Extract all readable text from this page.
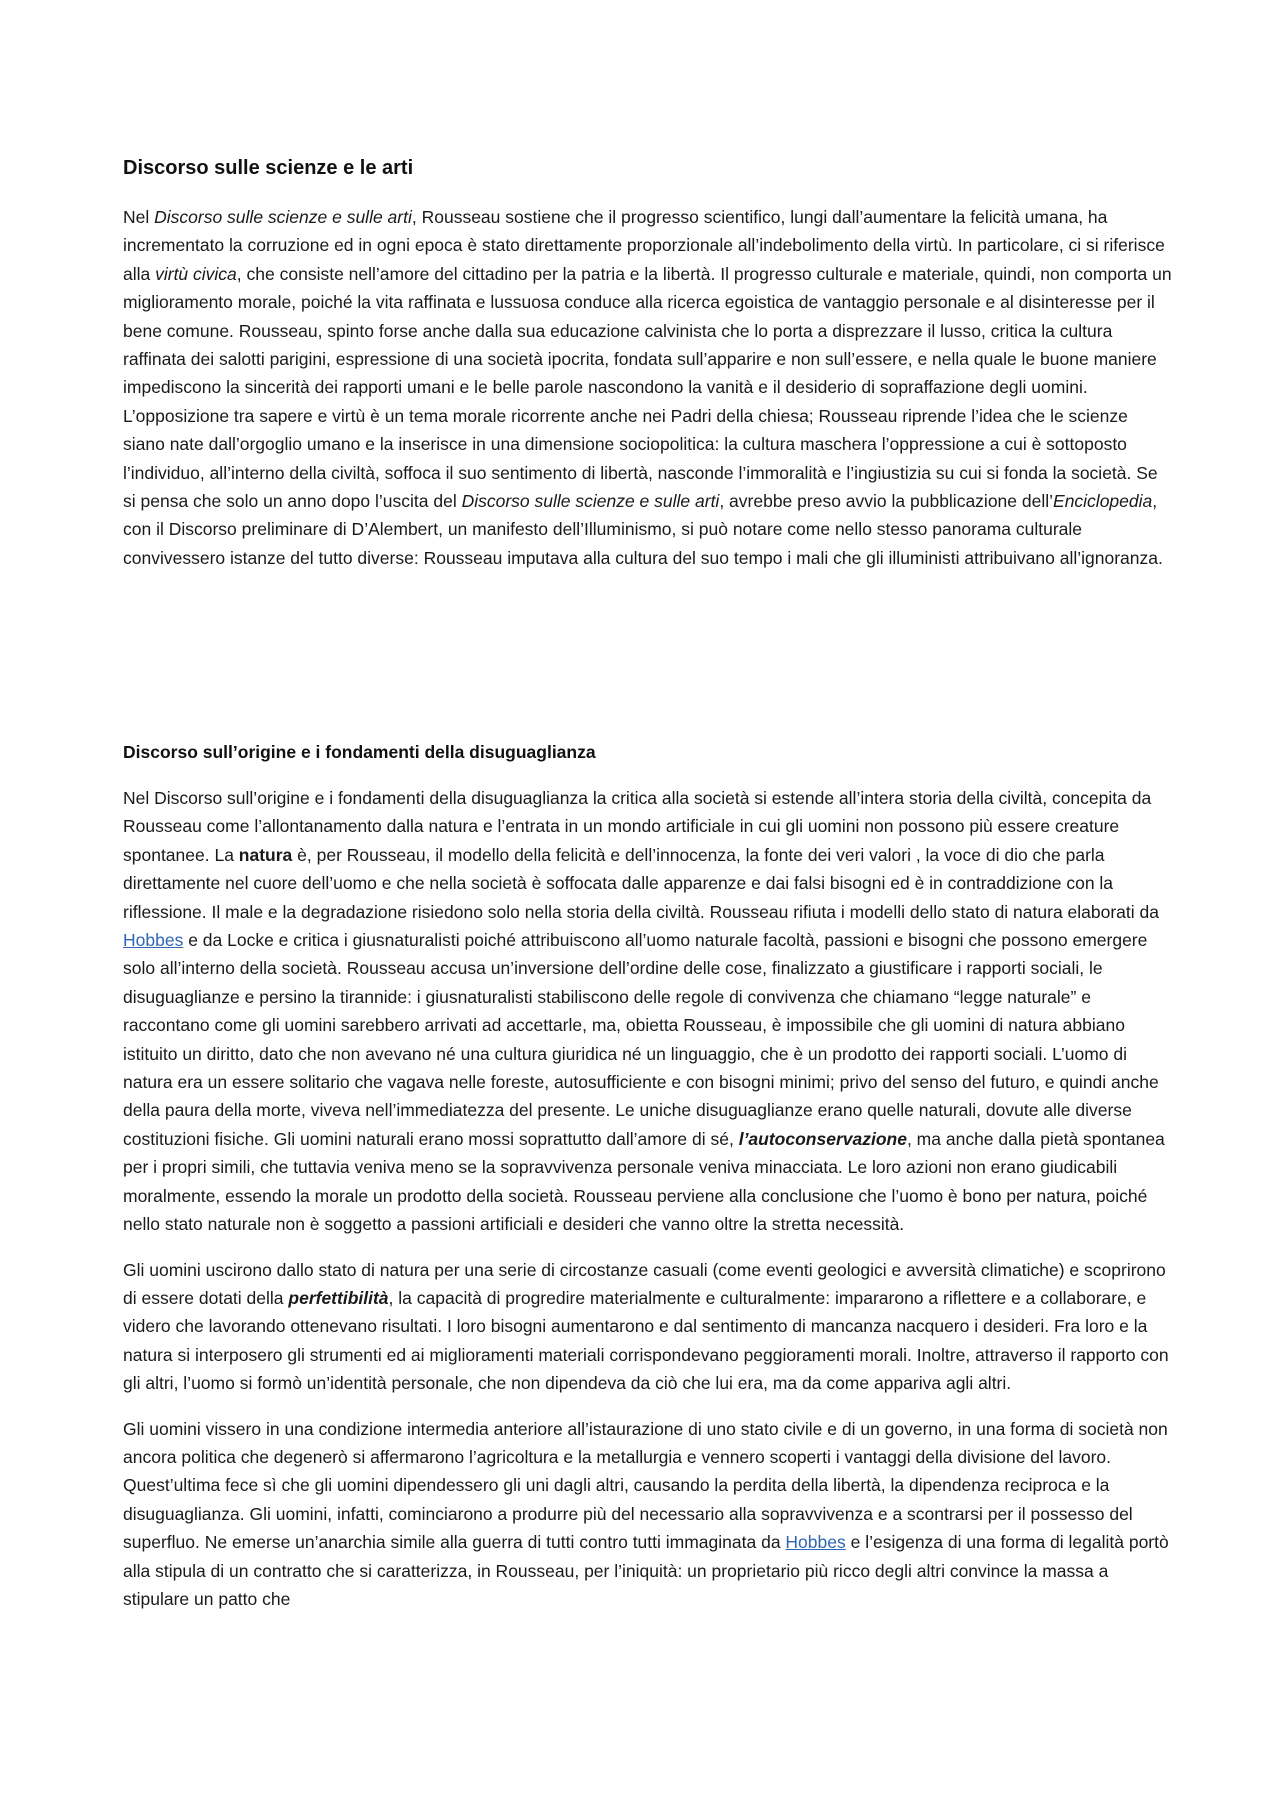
Discorso sulle scienze e le arti

Nel Discorso sulle scienze e sulle arti, Rousseau sostiene che il progresso scientifico, lungi dall’aumentare la felicità umana, ha incrementato la corruzione ed in ogni epoca è stato direttamente proporzionale all’indebolimento della virtù. In particolare, ci si riferisce alla virtù civica, che consiste nell’amore del cittadino per la patria e la libertà. Il progresso culturale e materiale, quindi, non comporta un miglioramento morale, poiché la vita raffinata e lussuosa conduce alla ricerca egoistica de vantaggio personale e al disinteresse per il bene comune. Rousseau, spinto forse anche dalla sua educazione calvinista che lo porta a disprezzare il lusso, critica la cultura raffinata dei salotti parigini, espressione di una società ipocrita, fondata sull’apparire e non sull’essere, e nella quale le buone maniere impediscono la sincerità dei rapporti umani e le belle parole nascondono la vanità e il desiderio di sopraffazione degli uomini. L’opposizione tra sapere e virtù è un tema morale ricorrente anche nei Padri della chiesa; Rousseau riprende l’idea che le scienze siano nate dall’orgoglio umano e la inserisce in una dimensione sociopolitica: la cultura maschera l’oppressione a cui è sottoposto l’individuo, all’interno della civiltà, soffoca il suo sentimento di libertà, nasconde l’immoralità e l’ingiustizia su cui si fonda la società. Se si pensa che solo un anno dopo l’uscita del Discorso sulle scienze e sulle arti, avrebbe preso avvio la pubblicazione dell’Enciclopedia, con il Discorso preliminare di D’Alembert, un manifesto dell’Illuminismo, si può notare come nello stesso panorama culturale convivessero istanze del tutto diverse: Rousseau imputava alla cultura del suo tempo i mali che gli illuministi attribuivano all’ignoranza.

Discorso sull’origine e i fondamenti della disuguaglianza

Nel Discorso sull’origine e i fondamenti della disuguaglianza la critica alla società si estende all’intera storia della civiltà, concepita da Rousseau come l’allontanamento dalla natura e l’entrata in un mondo artificiale in cui gli uomini non possono più essere creature spontanee. La natura è, per Rousseau, il modello della felicità e dell’innocenza, la fonte dei veri valori , la voce di dio che parla direttamente nel cuore dell’uomo e che nella società è soffocata dalle apparenze e dai falsi bisogni ed è in contraddizione con la riflessione. Il male e la degradazione risiedono solo nella storia della civiltà. Rousseau rifiuta i modelli dello stato di natura elaborati da Hobbes e da Locke e critica i giusnaturalisti poiché attribuiscono all’uomo naturale facoltà, passioni e bisogni che possono emergere solo all’interno della società. Rousseau accusa un’inversione dell’ordine delle cose, finalizzato a giustificare i rapporti sociali, le disuguaglianze e persino la tirannide: i giusnaturalisti stabiliscono delle regole di convivenza che chiamano “legge naturale” e raccontano come gli uomini sarebbero arrivati ad accettarle, ma, obietta Rousseau, è impossibile che gli uomini di natura abbiano istituito un diritto, dato che non avevano né una cultura giuridica né un linguaggio, che è un prodotto dei rapporti sociali. L’uomo di natura era un essere solitario che vagava nelle foreste, autosufficiente e con bisogni minimi; privo del senso del futuro, e quindi anche della paura della morte, viveva nell’immediatezza del presente. Le uniche disuguaglianze erano quelle naturali, dovute alle diverse costituzioni fisiche. Gli uomini naturali erano mossi soprattutto dall’amore di sé, l’autoconservazione, ma anche dalla pietà spontanea per i propri simili, che tuttavia veniva meno se la sopravvivenza personale veniva minacciata. Le loro azioni non erano giudicabili moralmente, essendo la morale un prodotto della società. Rousseau perviene alla conclusione che l’uomo è bono per natura, poiché nello stato naturale non è soggetto a passioni artificiali e desideri che vanno oltre la stretta necessità.

Gli uomini uscirono dallo stato di natura per una serie di circostanze casuali (come eventi geologici e avversità climatiche) e scoprirono di essere dotati della perfettibilità, la capacità di progredire materialmente e culturalmente: impararono a riflettere e a collaborare, e videro che lavorando ottenevano risultati. I loro bisogni aumentarono e dal sentimento di mancanza nacquero i desideri. Fra loro e la natura si interposero gli strumenti ed ai miglioramenti materiali corrispondevano peggioramenti morali. Inoltre, attraverso il rapporto con gli altri, l’uomo si formò un’identità personale, che non dipendeva da ciò che lui era, ma da come appariva agli altri.

Gli uomini vissero in una condizione intermedia anteriore all’istaurazione di uno stato civile e di un governo, in una forma di società non ancora politica che degenerò si affermarono l’agricoltura e la metallurgia e vennero scoperti i vantaggi della divisione del lavoro. Quest’ultima fece sì che gli uomini dipendessero gli uni dagli altri, causando la perdita della libertà, la dipendenza reciproca e la disuguaglianza. Gli uomini, infatti, cominciarono a produrre più del necessario alla sopravvivenza e a scontrarsi per il possesso del superfluo. Ne emerse un’anarchia simile alla guerra di tutti contro tutti immaginata da Hobbes e l’esigenza di una forma di legalità portò alla stipula di un contratto che si caratterizza, in Rousseau, per l’iniquità: un proprietario più ricco degli altri convince la massa a stipulare un patto che
